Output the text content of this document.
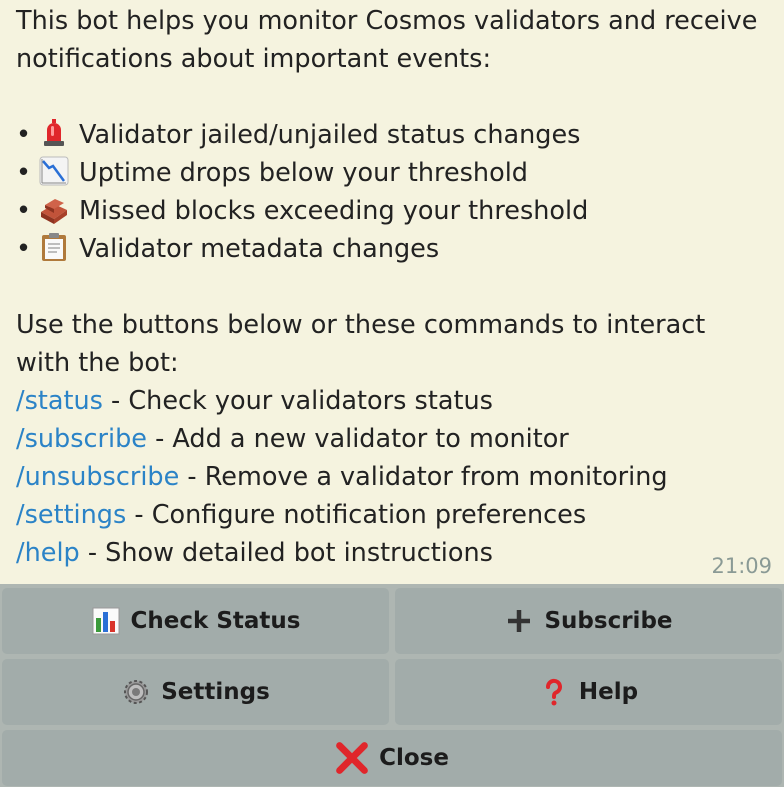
This bot helps you monitor Cosmos validators and receive
notifications about important events:
• Validator jailed/unjailed status changes
• Uptime drops below your threshold
• Missed blocks exceeding your threshold
• Validator metadata changes
Use the buttons below or these commands to interact
with the bot:
/status - Check your validators status
/subscribe - Add a new validator to monitor
/unsubscribe - Remove a validator from monitoring
/settings - Configure notification preferences
/help - Show detailed bot instructions	21:09
Check Status	Subscribe
Settings	Help
Close
